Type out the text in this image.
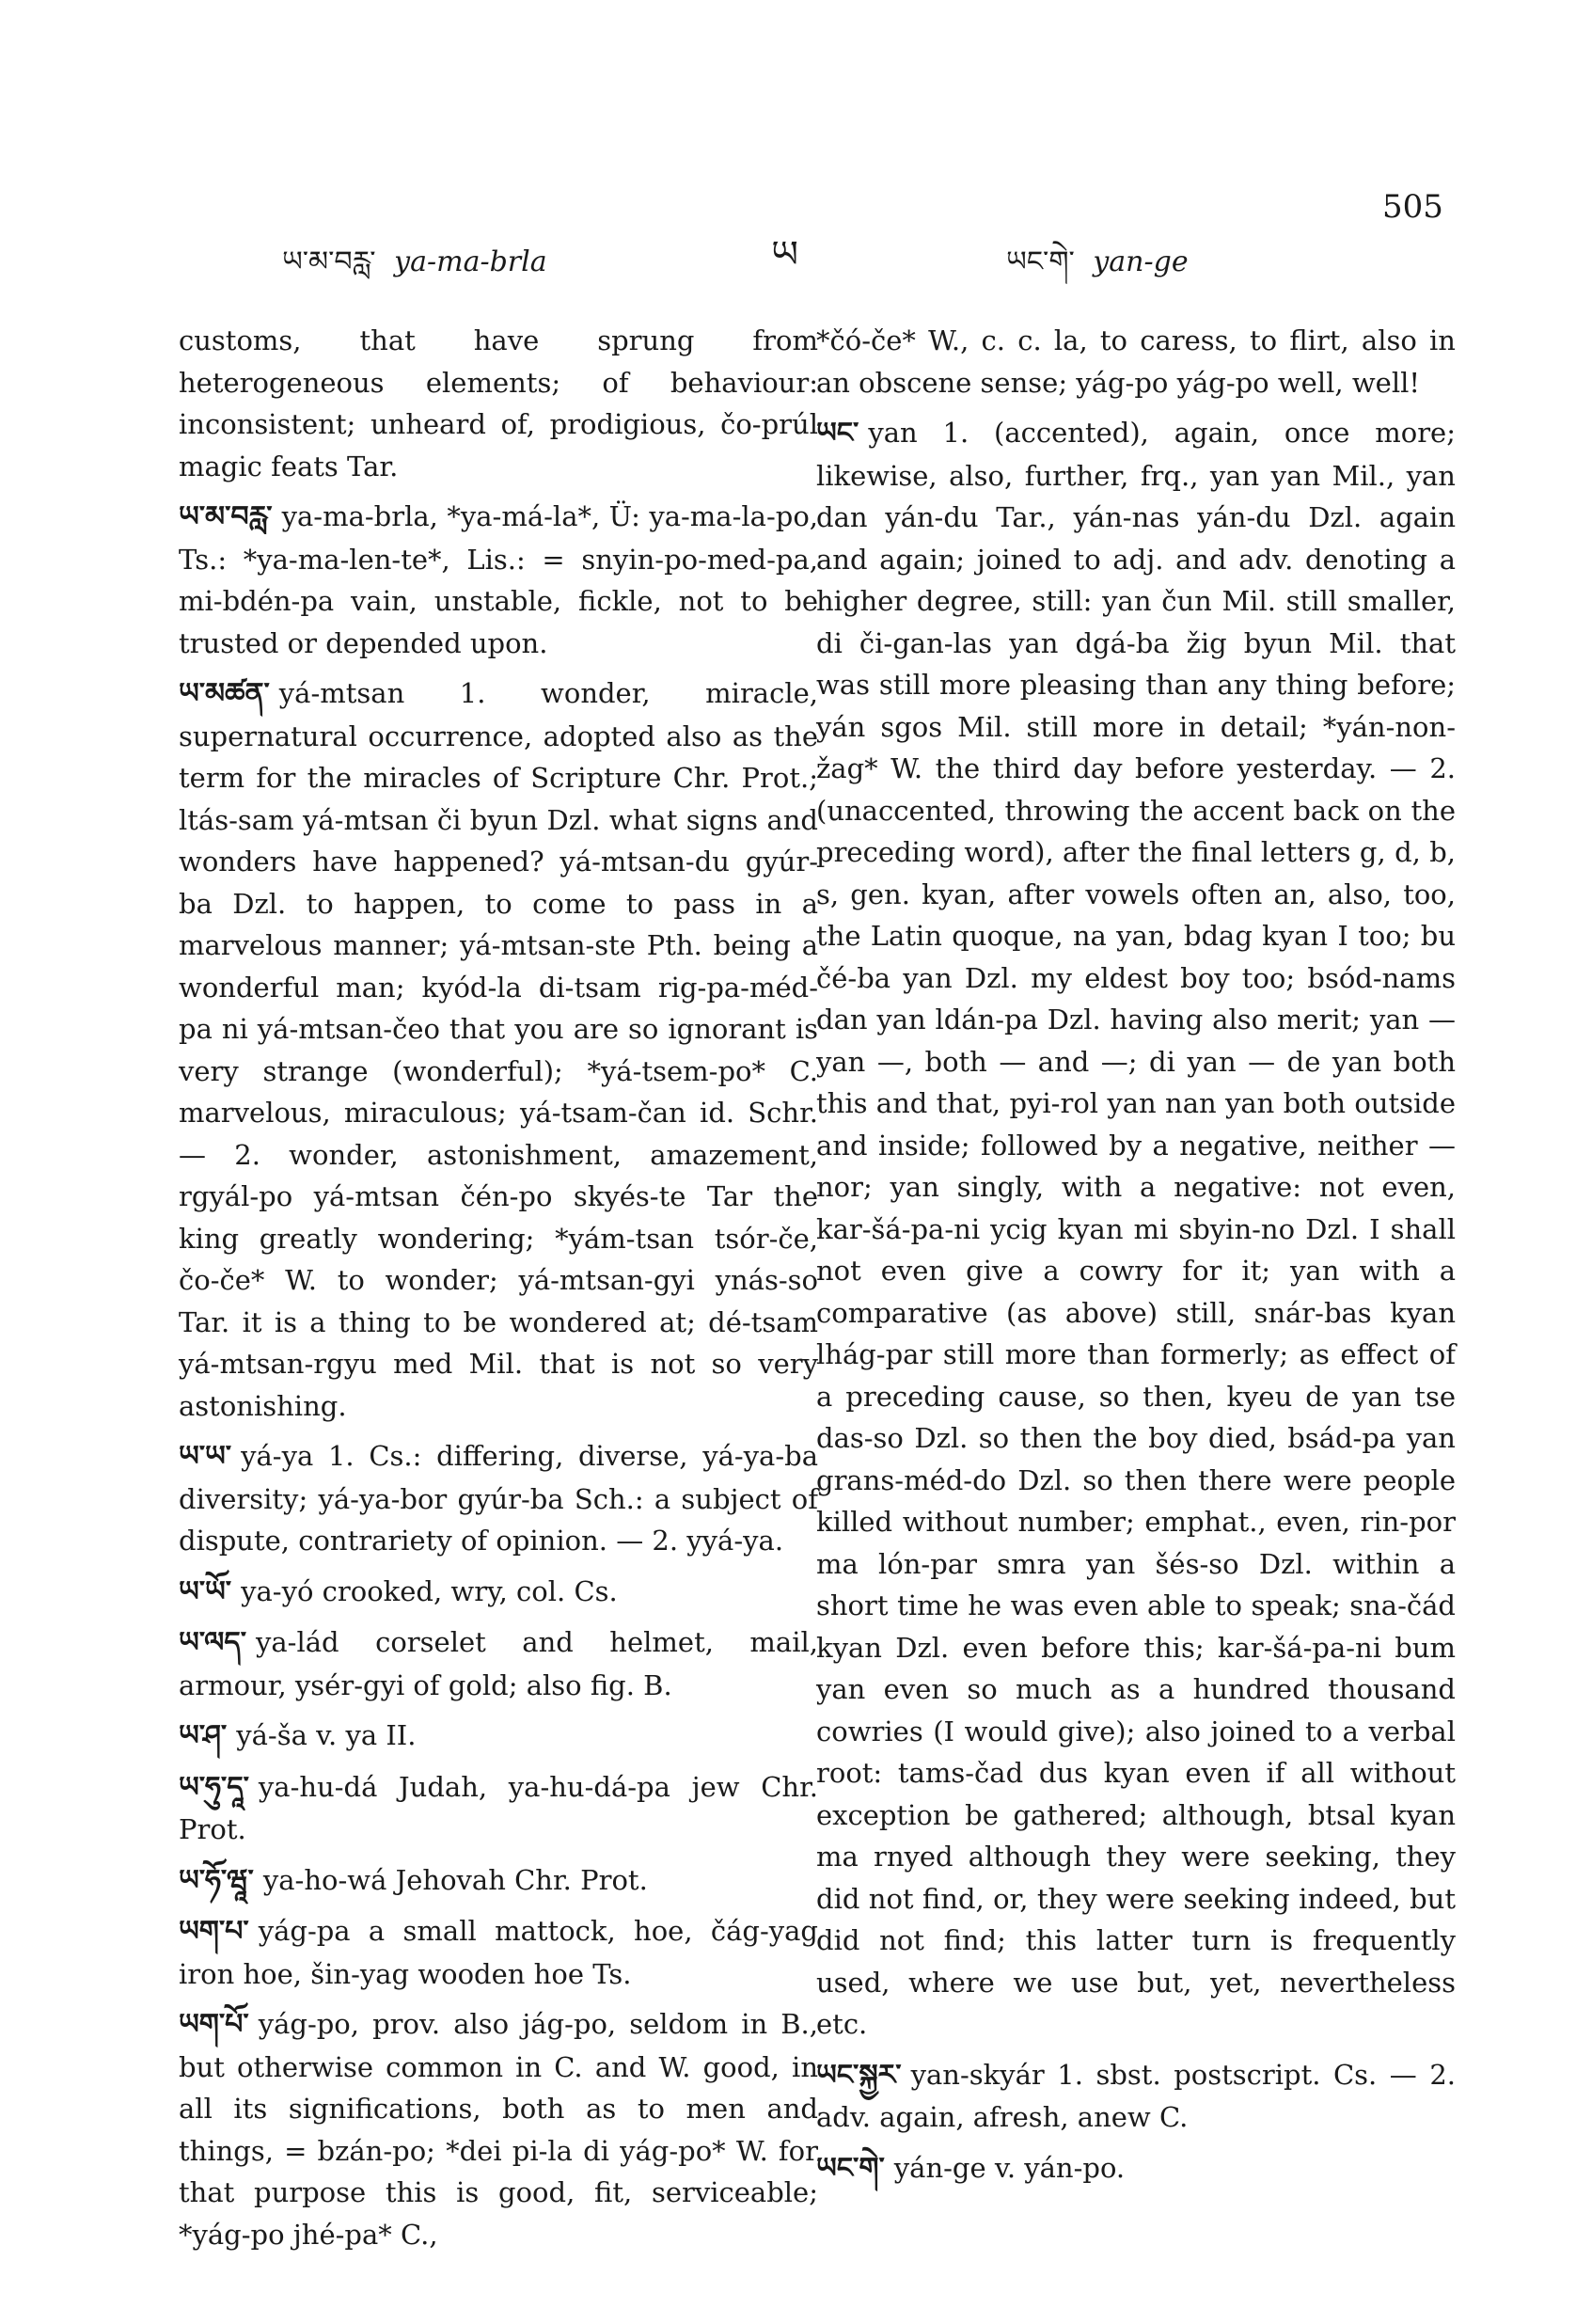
505
ཡ་མ་བརླ་ ya-ma-brla	ཡ	ཡང་གེ་ yan-ge

customs, that have sprung from heterogeneous elements; of behaviour: inconsistent; unheard of, prodigious, čo-prúl magic feats Tar.

ཡ་མ་བརླ་ ya-ma-brla, *ya-má-la*, Ü: ya-ma-la-po, Ts.: *ya-ma-len-te*, Lis.: = snyin-po-med-pa, mi-bdén-pa vain, unstable, fickle, not to be trusted or depended upon.

ཡ་མཚན་ yá-mtsan 1. wonder, miracle, supernatural occurrence, adopted also as the term for the miracles of Scripture Chr. Prot.; ltás-sam yá-mtsan či byun Dzl. what signs and wonders have happened? yá-mtsan-du gyúr-ba Dzl. to happen, to come to pass in a marvelous manner; yá-mtsan-ste Pth. being a wonderful man; kyód-la di-tsam rig-pa-méd-pa ni yá-mtsan-čeo that you are so ignorant is very strange (wonderful); *yá-tsem-po* C. marvelous, miraculous; yá-tsam-čan id. Schr. — 2. wonder, astonishment, amazement, rgyál-po yá-mtsan čén-po skyés-te Tar the king greatly wondering; *yám-tsan tsór-če, čo-če* W. to wonder; yá-mtsan-gyi ynás-so Tar. it is a thing to be wondered at; dé-tsam yá-mtsan-rgyu med Mil. that is not so very astonishing.

ཡ་ཡ་ yá-ya 1. Cs.: differing, diverse, yá-ya-ba diversity; yá-ya-bor gyúr-ba Sch.: a subject of dispute, contrariety of opinion. — 2. yyá-ya.

ཡ་ཡོ་ ya-yó crooked, wry, col. Cs.

ཡ་ལད་ ya-lád corselet and helmet, mail, armour, ysér-gyi of gold; also fig. B.

ཡ་ཤ་ yá-ša v. ya II.

ཡ་ཧུ་དཱ་ ya-hu-dá Judah, ya-hu-dá-pa jew Chr. Prot.

ཡ་ཧོ་ཝཱ་ ya-ho-wá Jehovah Chr. Prot.

ཡག་པ་ yág-pa a small mattock, hoe, čág-yag iron hoe, šin-yag wooden hoe Ts.

ཡག་པོ་ yág-po, prov. also jág-po, seldom in B., but otherwise common in C. and W. good, in all its significations, both as to men and things, = bzán-po; *dei pi-la di yág-po* W. for that purpose this is good, fit, serviceable; *yág-po jhé-pa* C.,

*čó-če* W., c. c. la, to caress, to flirt, also in an obscene sense; yág-po yág-po well, well!

ཡང་ yan 1. (accented), again, once more; likewise, also, further, frq., yan yan Mil., yan dan yán-du Tar., yán-nas yán-du Dzl. again and again; joined to adj. and adv. denoting a higher degree, still: yan čun Mil. still smaller, di či-gan-las yan dgá-ba žig byun Mil. that was still more pleasing than any thing before; yán sgos Mil. still more in detail; *yán-non-žag* W. the third day before yesterday. — 2. (unaccented, throwing the accent back on the preceding word), after the final letters g, d, b, s, gen. kyan, after vowels often an, also, too, the Latin quoque, na yan, bdag kyan I too; bu čé-ba yan Dzl. my eldest boy too; bsód-nams dan yan ldán-pa Dzl. having also merit; yan — yan —, both — and —; di yan — de yan both this and that, pyi-rol yan nan yan both outside and inside; followed by a negative, neither — nor; yan singly, with a negative: not even, kar-šá-pa-ni ycig kyan mi sbyin-no Dzl. I shall not even give a cowry for it; yan with a comparative (as above) still, snár-bas kyan lhág-par still more than formerly; as effect of a preceding cause, so then, kyeu de yan tse das-so Dzl. so then the boy died, bsád-pa yan grans-méd-do Dzl. so then there were people killed without number; emphat., even, rin-por ma lón-par smra yan šés-so Dzl. within a short time he was even able to speak; sna-čád kyan Dzl. even before this; kar-šá-pa-ni bum yan even so much as a hundred thousand cowries (I would give); also joined to a verbal root: tams-čad dus kyan even if all without exception be gathered; although, btsal kyan ma rnyed although they were seeking, they did not find, or, they were seeking indeed, but did not find; this latter turn is frequently used, where we use but, yet, nevertheless etc.

ཡང་སྐྱར་ yan-skyár 1. sbst. postscript. Cs. — 2. adv. again, afresh, anew C.

ཡང་གེ་ yán-ge v. yán-po.
